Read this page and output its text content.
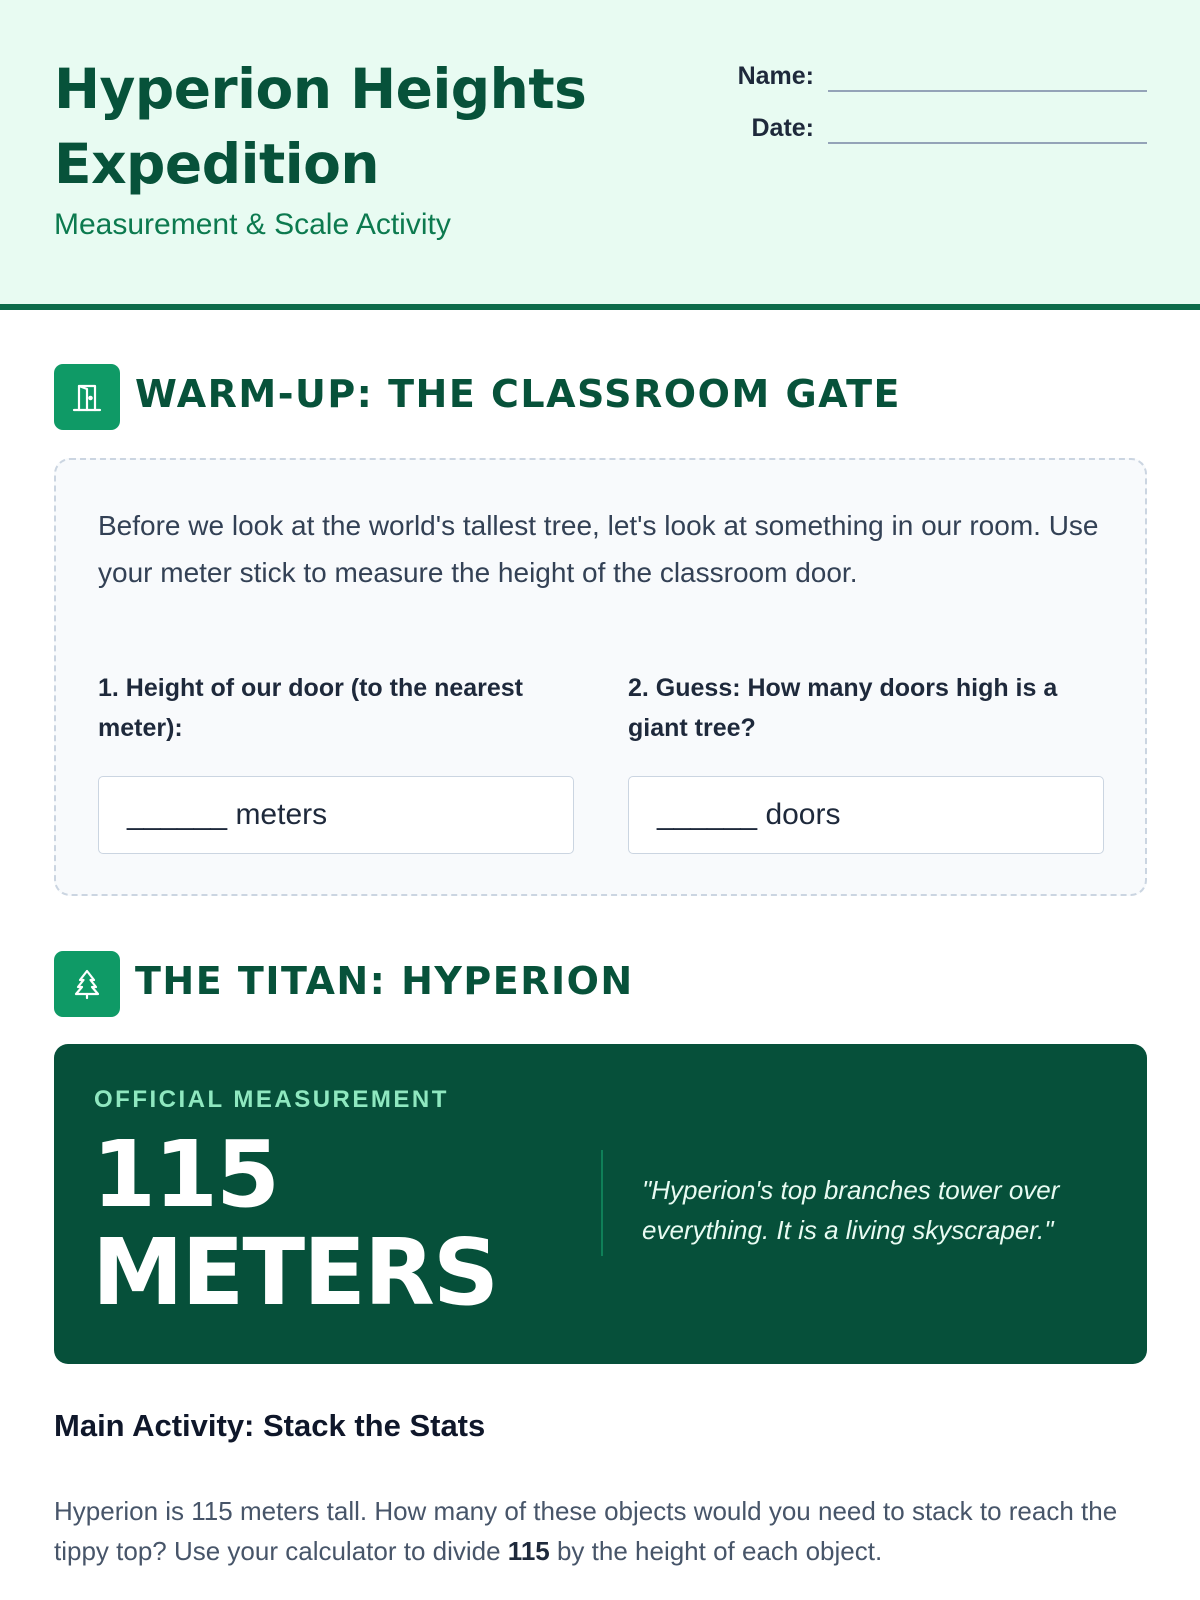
Hyperion Heights Expedition
Measurement & Scale Activity
Name:
Date:
WARM-UP: THE CLASSROOM GATE
Before we look at the world's tallest tree, let's look at something in our room. Use your meter stick to measure the height of the classroom door.
1. Height of our door (to the nearest meter):
2. Guess: How many doors high is a giant tree?
______ meters	______ doors
THE TITAN: HYPERION
OFFICIAL MEASUREMENT
115 METERS
"Hyperion's top branches tower over everything. It is a living skyscraper."
Main Activity: Stack the Stats
Hyperion is 115 meters tall. How many of these objects would you need to stack to reach the tippy top? Use your calculator to divide 115 by the height of each object.
